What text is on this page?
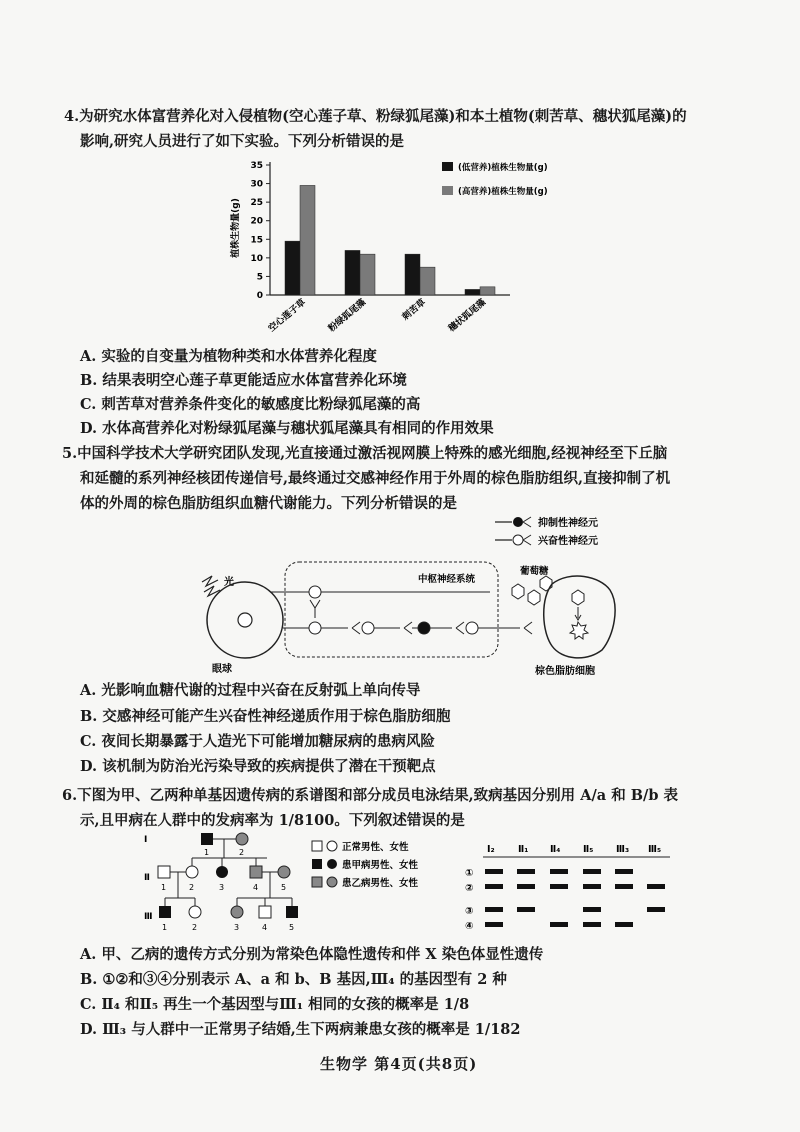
4.为研究水体富营养化对入侵植物(空心莲子草、粉绿狐尾藻)和本土植物(刺苦草、穗状狐尾藻)的
影响,研究人员进行了如下实验。下列分析错误的是
植株生物量(g)
0
5
10
15
20
25
30
35
空心莲子草 粉绿狐尾藻	刺苦草 穗状狐尾藻
(低营养)植株生物量(g)
(高营养)植株生物量(g)
A. 实验的自变量为植物种类和水体营养化程度
B. 结果表明空心莲子草更能适应水体富营养化环境
C. 刺苦草对营养条件变化的敏感度比粉绿狐尾藻的高
D. 水体高营养化对粉绿狐尾藻与穗状狐尾藻具有相同的作用效果
5.中国科学技术大学研究团队发现,光直接通过激活视网膜上特殊的感光细胞,经视神经至下丘脑
和延髓的系列神经核团传递信号,最终通过交感神经作用于外周的棕色脂肪组织,直接抑制了机
体的外周的棕色脂肪组织血糖代谢能力。下列分析错误的是
抑制性神经元
兴奋性神经元
光
眼球
中枢神经系统
葡萄糖
棕色脂肪细胞
A. 光影响血糖代谢的过程中兴奋在反射弧上单向传导
B. 交感神经可能产生兴奋性神经递质作用于棕色脂肪细胞
C. 夜间长期暴露于人造光下可能增加糖尿病的患病风险
D. 该机制为防治光污染导致的疾病提供了潜在干预靶点
6.下图为甲、乙两种单基因遗传病的系谱图和部分成员电泳结果,致病基因分别用 A/a 和 B/b 表
示,且甲病在人群中的发病率为 1/8100。下列叙述错误的是
Ⅰ
Ⅱ
Ⅲ
1	2
1	2	3	4	5
1	2	3	4	5
正常男性、女性
患甲病男性、女性
患乙病男性、女性
Ⅰ₂ Ⅱ₁ Ⅱ₄ Ⅱ₅ Ⅲ₃ Ⅲ₅
①
②
③
④
A. 甲、乙病的遗传方式分别为常染色体隐性遗传和伴 X 染色体显性遗传
B. ①②和③④分别表示 A、a 和 b、B 基因,Ⅲ₄ 的基因型有 2 种
C. Ⅱ₄ 和Ⅱ₅ 再生一个基因型与Ⅲ₁ 相同的女孩的概率是 1/8
D. Ⅲ₃ 与人群中一正常男子结婚,生下两病兼患女孩的概率是 1/182
生物学 第4页(共8页)
